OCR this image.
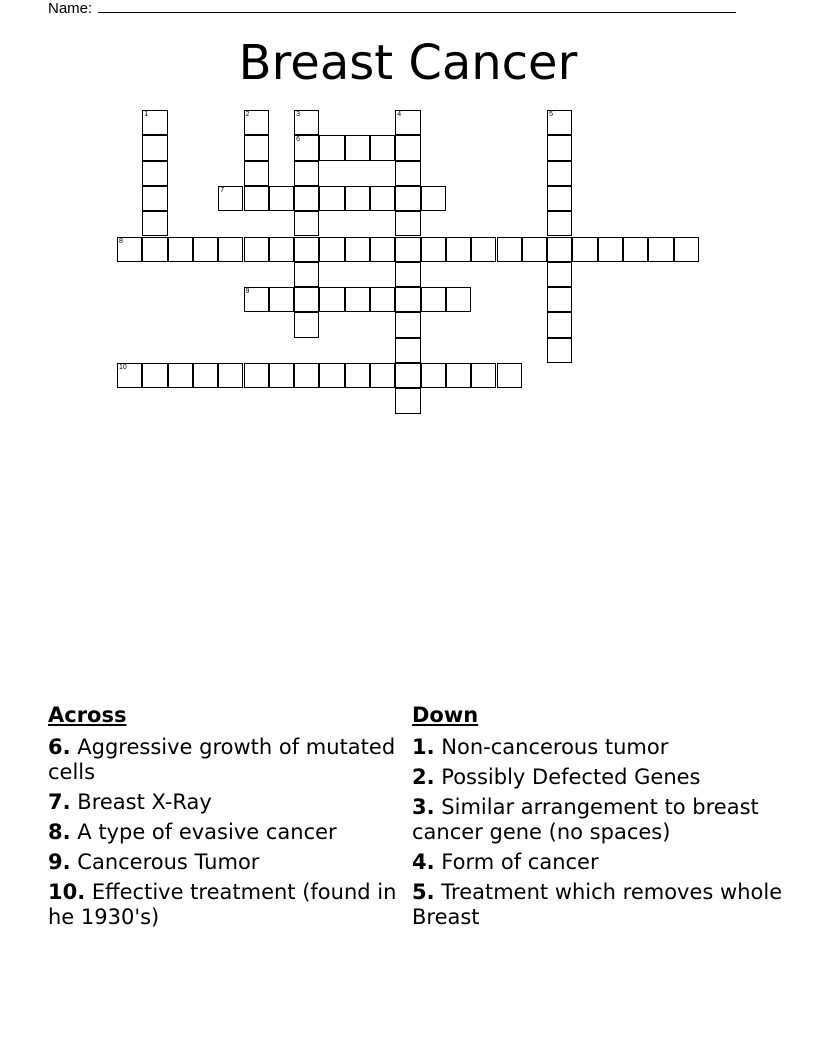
Name:
Breast Cancer
1	2	3
6
4	5
7
8
9
10
Across
6. Aggressive growth of mutated cells
7. Breast X-Ray
8. A type of evasive cancer
9. Cancerous Tumor
10. Effective treatment (found in he 1930's)
Down
1. Non-cancerous tumor
2. Possibly Defected Genes
3. Similar arrangement to breast cancer gene (no spaces)
4. Form of cancer
5. Treatment which removes whole Breast
